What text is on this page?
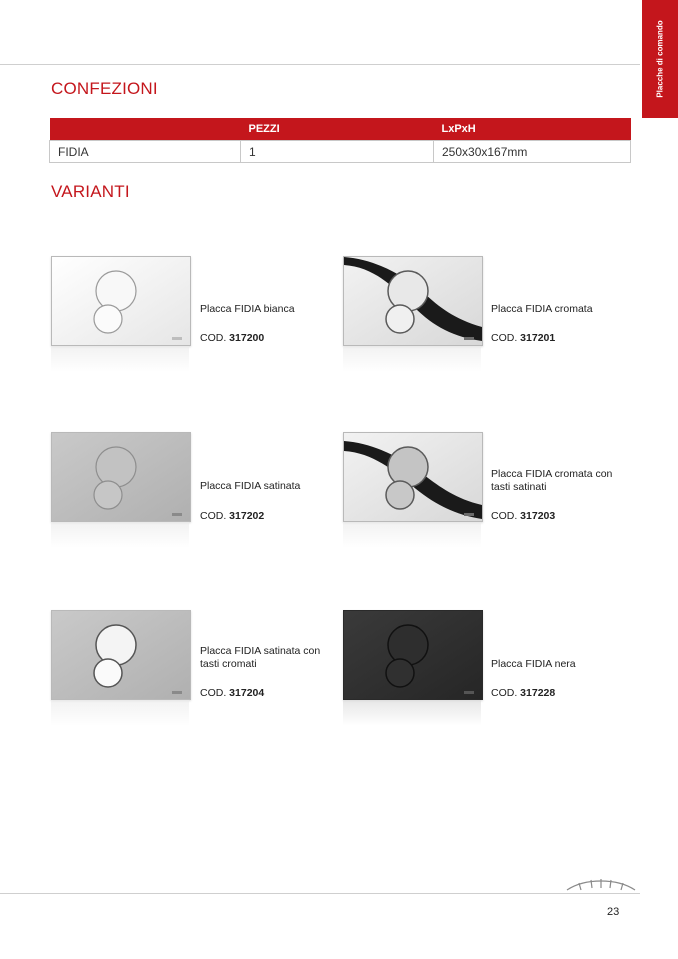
Placche di comando
CONFEZIONI
	PEZZI	LxPxH
FIDIA	1	250x30x167mm
VARIANTI
Placca FIDIA bianca
COD. 317200
Placca FIDIA cromata
COD. 317201
Placca FIDIA satinata
COD. 317202
Placca FIDIA cromata con tasti satinati
COD. 317203
Placca FIDIA satinata con tasti cromati
COD. 317204
Placca FIDIA nera
COD. 317228
23
